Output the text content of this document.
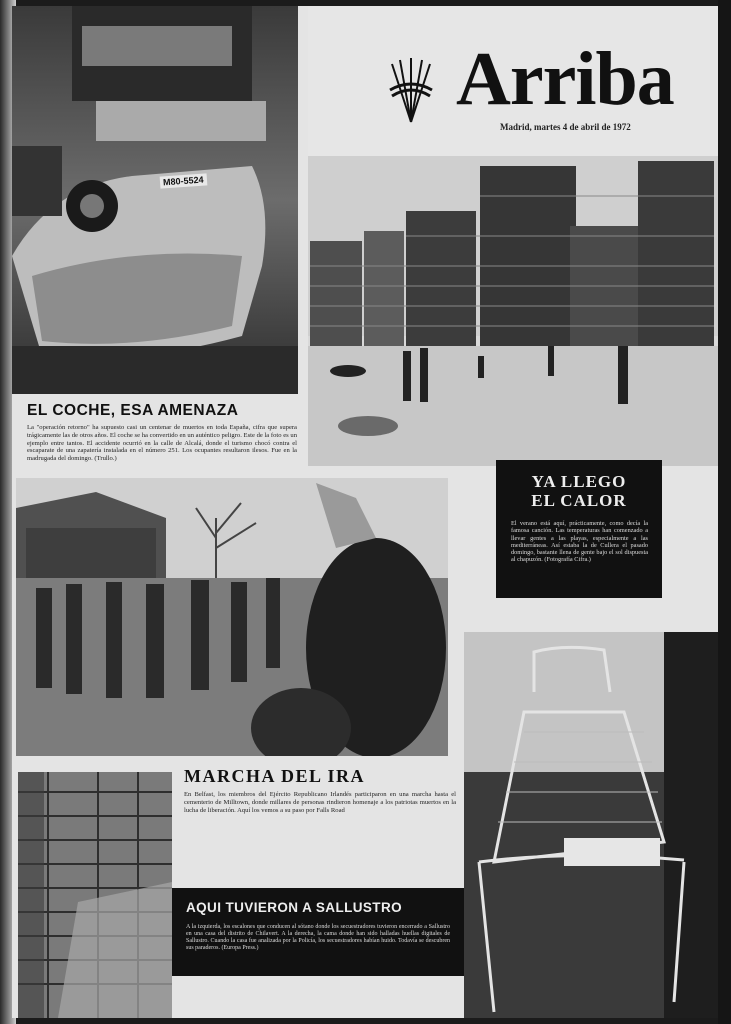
M80-5524
Arriba
Madrid, martes 4 de abril de 1972
EL COCHE, ESA AMENAZA
La "operación retorno" ha supuesto casi un centenar de muertos en toda España, cifra que supera trágicamente las de otros años. El coche se ha convertido en un auténtico peligro. Este de la foto es un ejemplo entre tantos. El accidente ocurrió en la calle de Alcalá, donde el turismo chocó contra el escaparate de una zapatería instalada en el número 251. Los ocupantes resultaron ilesos. Fue en la madrugada del domingo. (Trullo.)
YA LLEGO
EL CALOR
El verano está aquí, prácticamente, como decía la famosa canción. Las temperaturas han comenzado a llevar gentes a las playas, especialmente a las mediterráneas. Así estaba la de Cullera el pasado domingo, bastante llena de gente bajo el sol dispuesta al chapuzón. (Fotografía Cifra.)
MARCHA DEL IRA
En Belfast, los miembros del Ejército Republicano Irlandés participaron en una marcha hasta el cementerio de Milltown, donde millares de personas rindieron homenaje a los patriotas muertos en la lucha de liberación. Aquí los vemos a su paso por Falls Road
AQUI TUVIERON A SALLUSTRO
A la izquierda, los escalones que conducen al sótano donde los secuestradores tuvieron encerrado a Sallustro en una casa del distrito de Chilavert. A la derecha, la cama donde han sido halladas huellas digitales de Sallustro. Cuando la casa fue analizada por la Policía, los secuestradores habían huido. Todavía se descubren sus paraderos. (Europa Press.)
